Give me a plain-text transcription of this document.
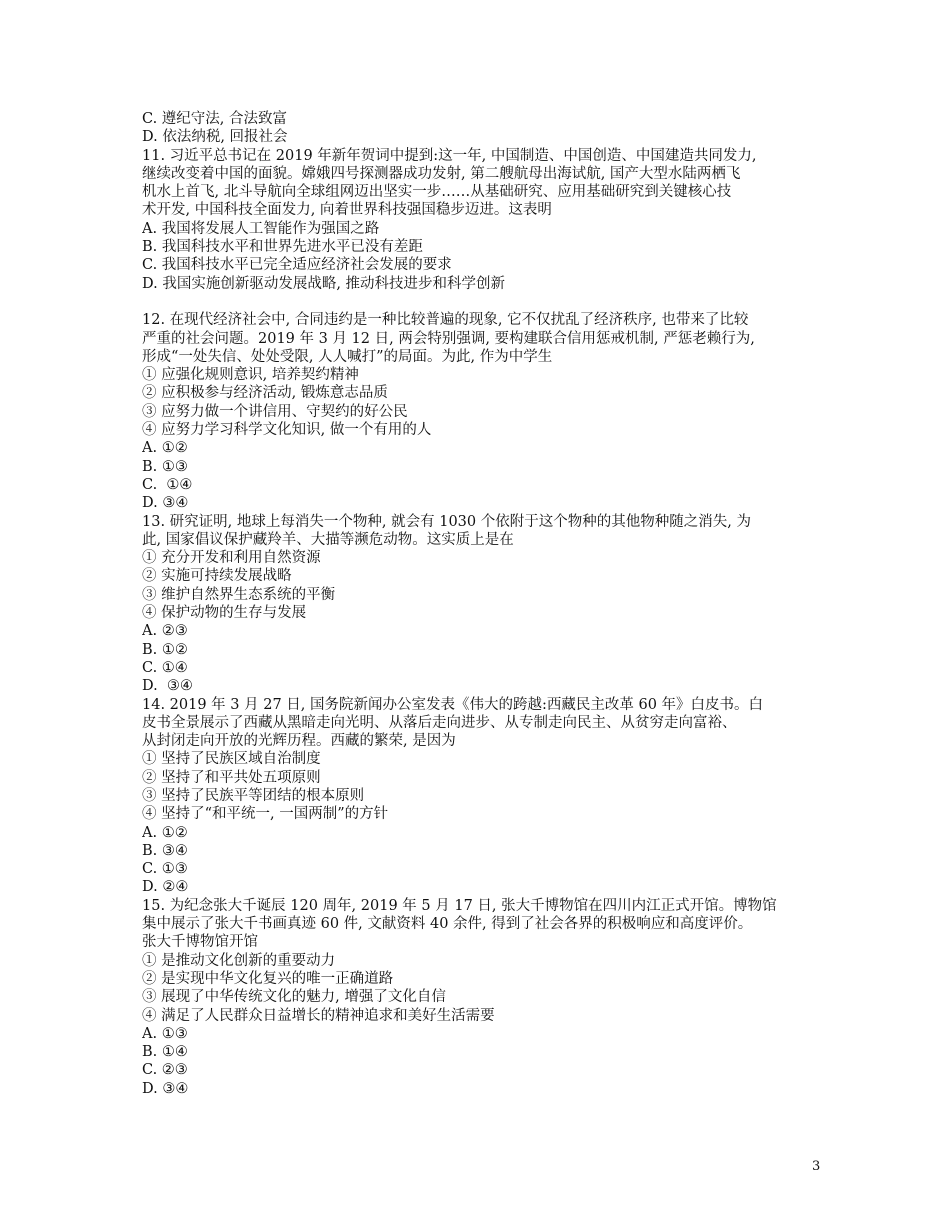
C. 遵纪守法, 合法致富
D. 依法纳税, 回报社会
11. 习近平总书记在 2019 年新年贺词中提到:这一年, 中国制造、中国创造、中国建造共同发力,
继续改变着中国的面貌。嫦娥四号探测器成功发射, 第二艘航母出海试航, 国产大型水陆两栖飞
机水上首飞, 北斗导航向全球组网迈出坚实一步……从基础研究、应用基础研究到关键核心技
术开发, 中国科技全面发力, 向着世界科技强国稳步迈进。这表明
A. 我国将发展人工智能作为强国之路
B. 我国科技水平和世界先进水平已没有差距
C. 我国科技水平已完全适应经济社会发展的要求
D. 我国实施创新驱动发展战略, 推动科技进步和科学创新
12. 在现代经济社会中, 合同违约是一种比较普遍的现象, 它不仅扰乱了经济秩序, 也带来了比较
严重的社会问题。2019 年 3 月 12 日, 两会特别强调, 要构建联合信用惩戒机制, 严惩老赖行为,
形成“一处失信、处处受限, 人人喊打”的局面。为此, 作为中学生
① 应强化规则意识, 培养契约精神
② 应积极参与经济活动, 锻炼意志品质
③ 应努力做一个讲信用、守契约的好公民
④ 应努力学习科学文化知识, 做一个有用的人
A. ①②
B. ①③
C.  ①④
D. ③④
13. 研究证明, 地球上每消失一个物种, 就会有 1030 个依附于这个物种的其他物种随之消失, 为
此, 国家倡议保护藏羚羊、大描等濒危动物。这实质上是在
① 充分开发和利用自然资源
② 实施可持续发展战略
③ 维护自然界生态系统的平衡
④ 保护动物的生存与发展
A. ②③
B. ①②
C. ①④
D.  ③④
14. 2019 年 3 月 27 日, 国务院新闻办公室发表《伟大的跨越:西藏民主改革 60 年》白皮书。白
皮书全景展示了西藏从黑暗走向光明、从落后走向进步、从专制走向民主、从贫穷走向富裕、
从封闭走向开放的光辉历程。西藏的繁荣, 是因为
① 坚持了民族区域自治制度
② 坚持了和平共处五项原则
③ 坚持了民族平等团结的根本原则
④ 坚持了“和平统一, 一国两制”的方针
A. ①②
B. ③④
C. ①③
D. ②④
15. 为纪念张大千诞辰 120 周年, 2019 年 5 月 17 日, 张大千博物馆在四川内江正式开馆。博物馆
集中展示了张大千书画真迹 60 件, 文献资料 40 余件, 得到了社会各界的积极响应和高度评价。
张大千博物馆开馆
① 是推动文化创新的重要动力
② 是实现中华文化复兴的唯一正确道路
③ 展现了中华传统文化的魅力, 增强了文化自信
④ 满足了人民群众日益增长的精神追求和美好生活需要
A. ①③
B. ①④
C. ②③
D. ③④
3
